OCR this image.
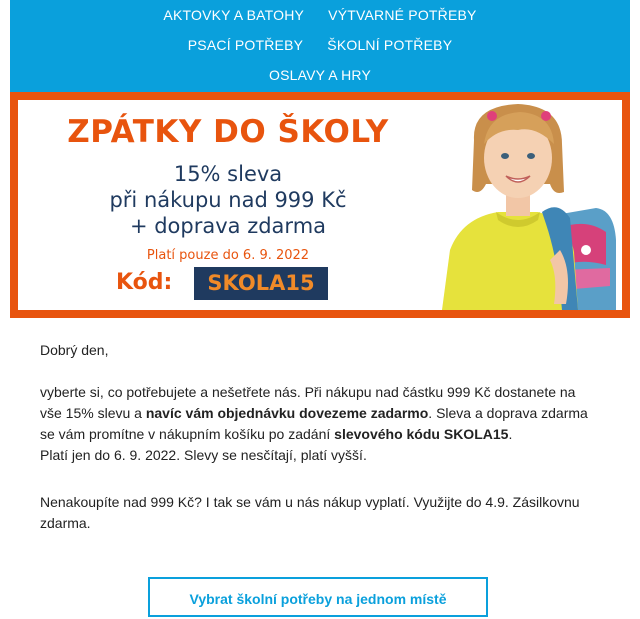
AKTOVKY A BATOHY VÝTVARNÉ POTŘEBY
PSACÍ POTŘEBY ŠKOLNÍ POTŘEBY
OSLAVY A HRY
ZPÁTKY DO ŠKOLY
15% sleva
při nákupu nad 999 Kč
+ doprava zdarma
Platí pouze do 6. 9. 2022
Kód:	SKOLA15

Dobrý den,

vyberte si, co potřebujete a nešetřete nás. Při nákupu nad částku 999 Kč dostanete na vše 15% slevu a navíc vám objednávku dovezeme zadarmo. Sleva a doprava zdarma se vám promítne v nákupním košíku po zadání slevového kódu SKOLA15.
Platí jen do 6. 9. 2022. Slevy se nesčítají, platí vyšší.

Nenakoupíte nad 999 Kč? I tak se vám u nás nákup vyplatí. Využijte do 4.9. Zásilkovnu zdarma.

Vybrat školní potřeby na jednom místě
